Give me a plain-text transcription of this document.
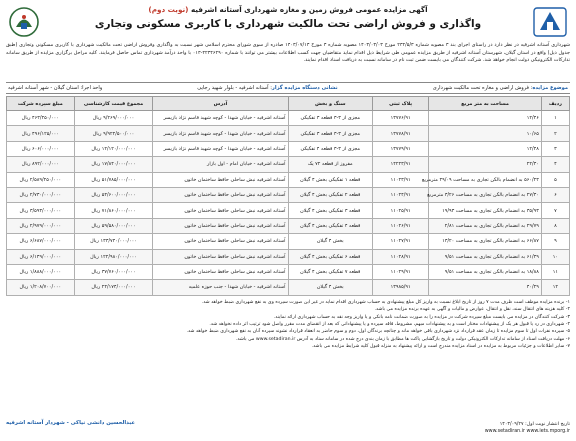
آگهی مزایده عمومی فروش زمین و مغازه شهرداری آستانه اشرفیه (نوبت دوم)
واگذاری و فروش اراضی تحت مالکیت شهرداری با کاربری مسکونی وتجاری
شهرداری آستانه اشرفیه در نظر دارد در راستای اجرای بند ۳ مصوبه شماره ۲۳۲/۵/۳ مورخ ۱۴۰۳/۰۳/۰۳ مصوبه شماره ۳ مورخ ۱۴۰۳/۰۷/۱۳ صادره از سوی شورای محترم اسلامی شهر نسبت به واگذاری وفروش اراضی تحت مالکیت شهرداری با کاربری مسکونی وتجاری (طبق جدول ذیل) واقع در استان گیلان، شهرستان آستانه اشرفیه از طریق مزایده عمومی طی شرایط ذیل اقدام نماید متقاضیان جهت کسب اطلاعات بیشتر می توانند با شماره ۴۲۳۴۶۲۹۰-۰۱۳ با واحد درآمد شهرداری تماس حاصل فرمایند. کلیه مراحل برگزاری مزایده از طریق سامانه تدارکات الکترونیکی دولت انجام خواهد شد. شرکت کنندگان می بایست ضمن ثبت نام در سامانه نسبت به دریافت اسناد اقدام نمایند.
موضوع مزایده: فروش اراضی و مغازه تحت مالکیت شهرداری
نشانی دستگاه مزایده گزار: آستانه اشرفیه - بلوار شهید رجایی
واحد اجرا: استان گیلان - شهر آستانه اشرفیه
ردیف	مساحت به متر مربع	پلاک ثبتی	سنگ و بخش	آدرس	مجموع قیمت کارشناسی	مبلغ سپرده شرکت
۱	۱۲/۴۶	۱۳۷۷۶/۹۱	مجزی از ۳-۳ قطعه ۳ تفکیکی	آستانه اشرفیه - خیابان شهدا - کوچه شهید قاسم نژاد بازیسر	۹/۲۶۹/۰۰۰/۰۰۰ ریال	۴۶۳/۴۵۰/۰۰۰ ریال
۲	۱۰/۶۵	۱۳۷۷۸/۹۱	مجزی از ۳-۳ قطعه ۳ تفکیکی	آستانه اشرفیه - خیابان شهدا - کوچه شهید قاسم نژاد بازیسر	۹/۹۲۲/۵۰۰/۰۰۰ ریال	۴۹۶/۱۲۵/۰۰۰ ریال
۳	۱۲/۴۸	۱۳۷۷۹/۹۱	مجزی از ۳-۳ قطعه ۴ تفکیکی	آستانه اشرفیه - خیابان شهدا - کوچه شهید قاسم نژاد بازیسر	۱۲/۱۲۰/۰۰۰/۰۰۰ ریال	۶۰۶/۰۰۰/۰۰۰ ریال
۴	۲۲/۳۰	۱۴۲۲۳/۹۱	مفروز از قطعه ۷۲ یک	آستانه اشرفیه - خیابان امام - اول بازار	۱۷/۸۴۰/۰۰۰/۰۰۰ ریال	۸۹۲/۰۰۰/۰۰۰ ریال
۵	۵۶۰/۲۳ به انضمام بالکن تجاری به مساحت ۴۹/۰۹ مترمربع	۱۱۰۲۳/۹۱	قطعه ۱ تفکیکی بخش ۴ گیلان	آستانه اشرفیه نبش ساحلی حافظ ساختمان خاتون	۵۱/۷۸۵/۰۰۰/۰۰۰ ریال	۲/۵۸۹/۲۵۰/۰۰۰ ریال
۶	۲۷/۳۰ به انضمام بالکن تجاری به مساحت ۳/۲۶ مترمربع	۱۱۰۲۴/۹۱	قطعه ۲ تفکیکی بخش ۴ گیلان	آستانه اشرفیه نبش ساحلی حافظ ساختمان خاتون	۵۴/۶۰۰/۰۰۰/۰۰۰ ریال	۲/۷۳۰/۰۰۰/۰۰۰ ریال
۷	۳۵/۹۳ به انضمام بالکن تجاری به مساحت ۱۹/۹۳	۱۱۰۲۵/۹۱	قطعه ۳ تفکیکی بخش ۴ گیلان	آستانه اشرفیه نبش ساحلی حافظ ساختمان خاتون	۷۱/۸۶۰/۰۰۰/۰۰۰ ریال	۳/۵۹۳/۰۰۰/۰۰۰ ریال
۸	۲۹/۷۹ به انضمام بالکن تجاری به مساحت ۲/۸۱	۱۱۰۲۶/۹۱	قطعه ۴ تفکیکی بخش ۴ گیلان	آستانه اشرفیه نبش ساحلی حافظ ساختمان خاتون	۵۹/۵۸۰/۰۰۰/۰۰۰ ریال	۲/۹۷۹/۰۰۰/۰۰۰ ریال
۹	۶۶/۸۷ به انضمام بالکن تجاری به مساحت ۱۳/۲۰	۱۱۰۲۷/۹۱	بخش ۴ گیلان	آستانه اشرفیه نبش ساحلی حافظ ساختمان خاتون	۱۳۳/۷۴۰/۰۰۰/۰۰۰ ریال	۶/۶۸۷/۰۰۰/۰۰۰ ریال
۱۰	۶۱/۴۹ به انضمام بالکن تجاری به مساحت ۹/۵۱	۱۱۰۲۸/۹۱	قطعه ۶ تفکیکی بخش ۴ گیلان	آستانه اشرفیه نبش ساحلی حافظ ساختمان خاتون	۱۲۲/۹۸۰/۰۰۰/۰۰۰ ریال	۶/۱۴۹/۰۰۰/۰۰۰ ریال
۱۱	۱۸/۸۸ به انضمام بالکن تجاری به مساحت ۹/۵۱	۱۱۰۲۹/۹۱	قطعه ۷ تفکیکی بخش ۴ گیلان	آستانه اشرفیه نبش ساحلی حافظ ساختمان خاتون	۳۷/۷۶۰/۰۰۰/۰۰۰ ریال	۱/۸۸۸/۰۰۰/۰۰۰ ریال
۱۲	۴۰/۲۹	۱۳۹۸۵/۹۱	بخش ۴ گیلان	آستانه اشرفیه - خیابان شهدا - جنب حوزه علمیه	۲۴/۱۷۴/۰۰۰/۰۰۰ ریال	۱/۲۰۸/۷۰۰/۰۰۰ ریال

۱- برنده مزایده موظف است ظرف مدت ۷ روز از تاریخ ابلاغ نسبت به واریز کل مبلغ پیشنهادی به حساب شهرداری اقدام نماید در غیر این صورت سپرده وی به نفع شهرداری ضبط خواهد شد.

۲- کلیه هزینه های انتقال سند، نقل و انتقال، عوارض و مالیات و آگهی به عهده برنده مزایده می باشد.

۳- شرکت کنندگان در مزایده می بایست مبلغ سپرده شرکت در مزایده را به صورت ضمانت نامه بانکی و یا واریز وجه نقد به حساب شهرداری ارائه نمایند.

۴- شهرداری در رد یا قبول هر یک از پیشنهادات مختار است و به پیشنهادات مبهم، مشروط، فاقد سپرده و یا پیشنهاداتی که بعد از انقضای مدت مقرر واصل شود ترتیب اثر داده نخواهد شد.

۵- سپرده نفرات اول تا سوم مزایده تا زمان عقد قرارداد نزد شهرداری باقی خواهد ماند و چنانچه برندگان اول، دوم و سوم حاضر به انعقاد قرارداد نشوند سپرده آنان به نفع شهرداری ضبط خواهد شد.

۶- مهلت دریافت اسناد از سامانه تدارکات الکترونیکی دولت و تاریخ بازگشایی پاکت ها مطابق با زمان بندی درج شده در سامانه ستاد به آدرس www.setadiran.ir می باشد.

۷- سایر اطلاعات و جزئیات مربوط به مزایده در اسناد مزایده مندرج است و ارائه پیشنهاد به منزله قبول کلیه شرایط مزایده می باشد.

تاریخ انتشار نوبت اول: ۱۴۰۳/۰۹/۲۷
www.setadiran.ir www.iets.mporg.ir
عبدالحسین دانشی نیاکی - شهردار آستانه اشرفیه
